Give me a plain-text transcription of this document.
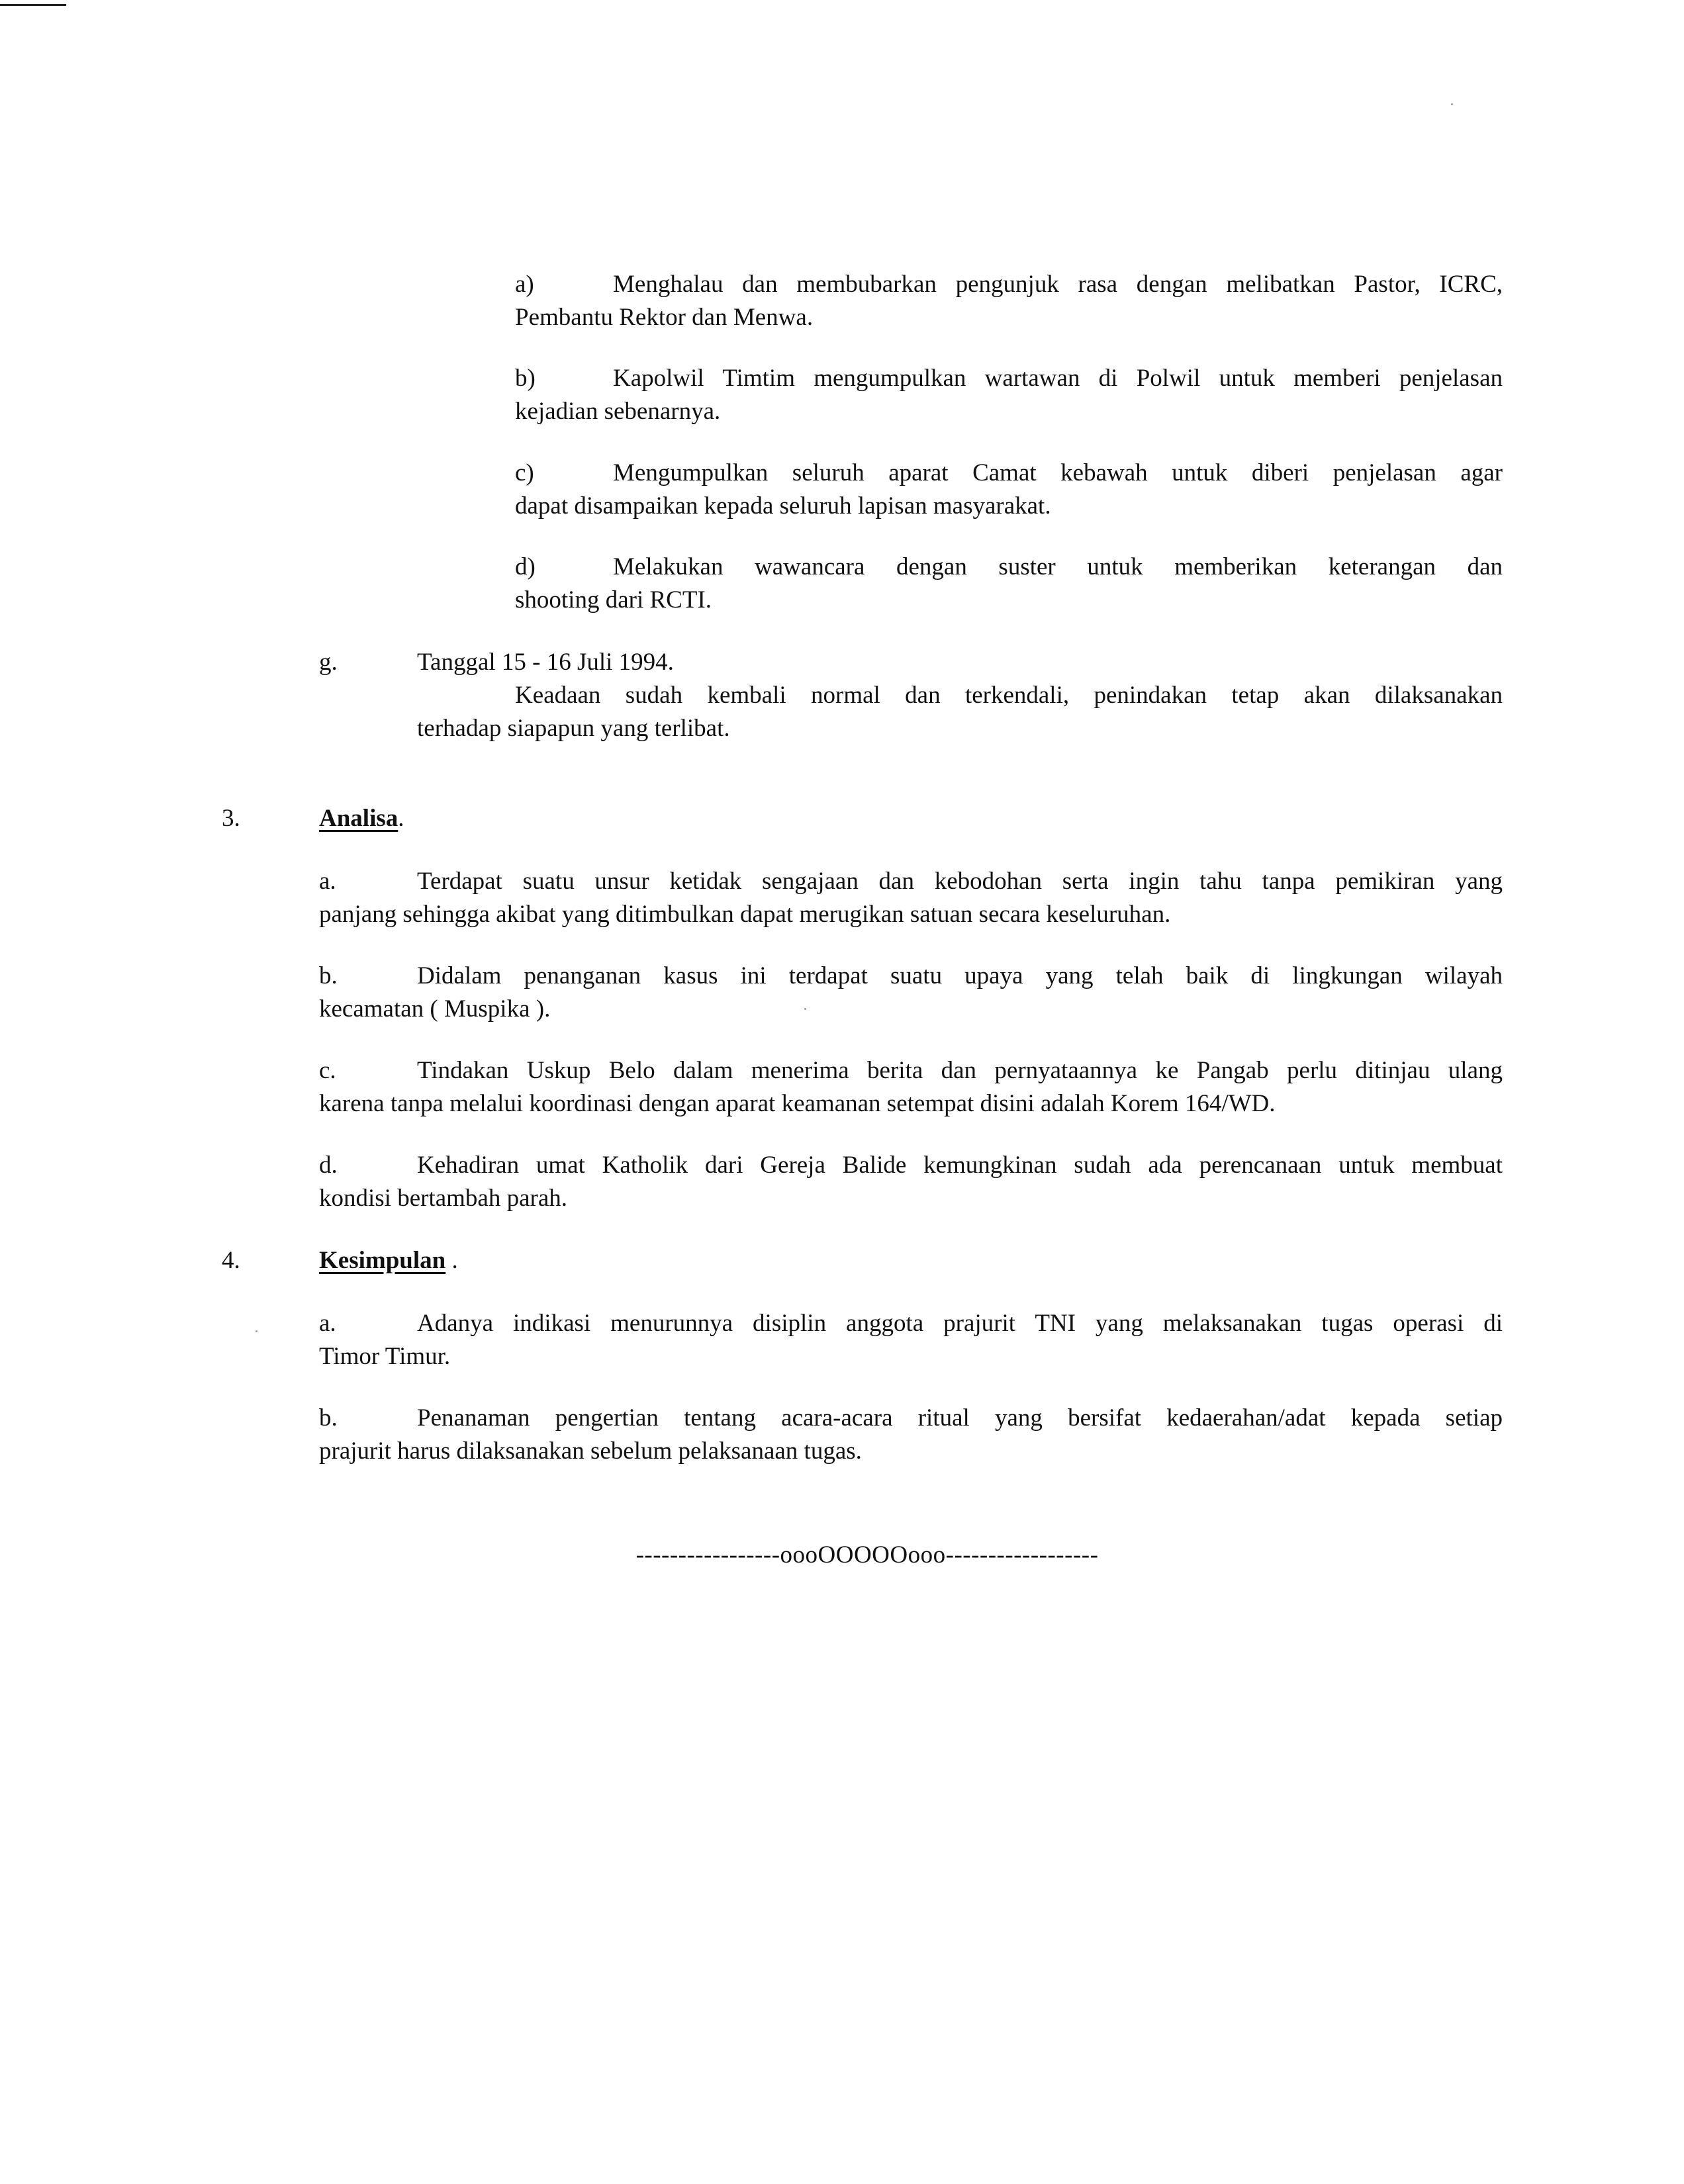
a)	Menghalau dan membubarkan pengunjuk rasa dengan melibatkan Pastor, ICRC,
Pembantu Rektor dan Menwa.
b)	Kapolwil Timtim mengumpulkan wartawan di Polwil untuk memberi penjelasan
kejadian sebenarnya.
c)	Mengumpulkan seluruh aparat Camat kebawah untuk diberi penjelasan agar
dapat disampaikan kepada seluruh lapisan masyarakat.
d)	Melakukan wawancara dengan suster untuk memberikan keterangan dan
shooting dari RCTI.
g.	Tanggal 15 - 16 Juli 1994.
Keadaan sudah kembali normal dan terkendali, penindakan tetap akan dilaksanakan
terhadap siapapun yang terlibat.
3.	Analisa.
a.	Terdapat suatu unsur ketidak sengajaan dan kebodohan serta ingin tahu tanpa pemikiran yang
panjang sehingga akibat yang ditimbulkan dapat merugikan satuan secara keseluruhan.
b.	Didalam penanganan kasus ini terdapat suatu upaya yang telah baik di lingkungan wilayah
kecamatan ( Muspika ).
c.	Tindakan Uskup Belo dalam menerima berita dan pernyataannya ke Pangab perlu ditinjau ulang
karena tanpa melalui koordinasi dengan aparat keamanan setempat disini adalah Korem 164/WD.
d.	Kehadiran umat Katholik dari Gereja Balide kemungkinan sudah ada perencanaan untuk membuat
kondisi bertambah parah.
4.	Kesimpulan .
a.	Adanya indikasi menurunnya disiplin anggota prajurit TNI yang melaksanakan tugas operasi di
Timor Timur.
b.	Penanaman pengertian tentang acara-acara ritual yang bersifat kedaerahan/adat kepada setiap
prajurit harus dilaksanakan sebelum pelaksanaan tugas.
-----------------oooOOOOOooo------------------
